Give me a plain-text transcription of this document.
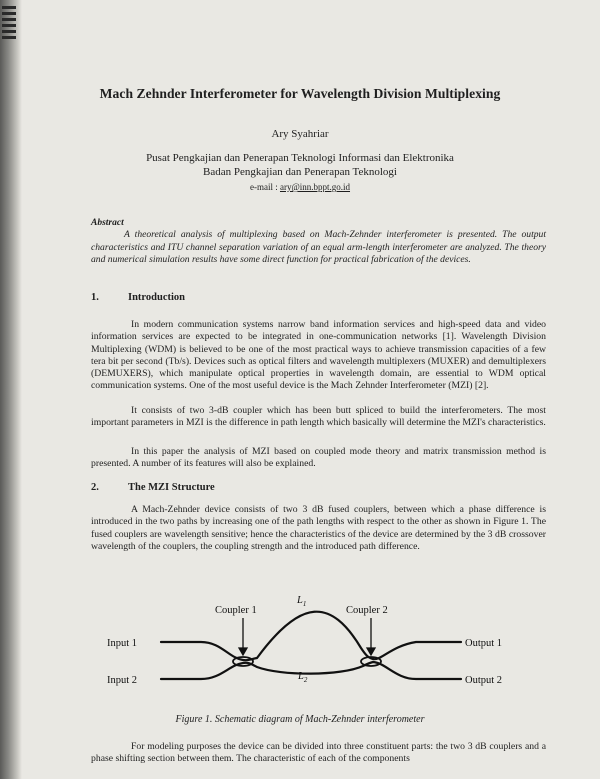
Mach Zehnder Interferometer for Wavelength Division Multiplexing
Ary Syahriar
Pusat Pengkajian dan Penerapan Teknologi Informasi dan Elektronika
Badan Pengkajian dan Penerapan Teknologi
e-mail : ary@inn.bppt.go.id
Abstract
A theoretical analysis of multiplexing based on Mach-Zehnder interferometer is presented. The output characteristics and ITU channel separation variation of an equal arm-length interferometer are analyzed. The theory and numerical simulation results have some direct function for practical fabrication of the devices.
1.	Introduction
In modern communication systems narrow band information services and high-speed data and video information services are expected to be integrated in one-communication networks [1]. Wavelength Division Multiplexing (WDM) is believed to be one of the most practical ways to achieve transmission capacities of a few tera bit per second (Tb/s). Devices such as optical filters and wavelength multiplexers (MUXER) and demultiplexers (DEMUXERS), which manipulate optical properties in wavelength domain, are essential to WDM optical communication systems. One of the most useful device is the Mach Zehnder Interferometer (MZI) [2].
It consists of two 3-dB coupler which has been butt spliced to build the interferometers. The most important parameters in MZI is the difference in path length which basically will determine the MZI's characteristics.
In this paper the analysis of MZI based on coupled mode theory and matrix transmission method is presented. A number of its features will also be explained.
2.	The MZI Structure
A Mach-Zehnder device consists of two 3 dB fused couplers, between which a phase difference is introduced in the two paths by increasing one of the path lengths with respect to the other as shown in Figure 1. The fused couplers are wavelength sensitive; hence the characteristics of the device are determined by the 3 dB crossover wavelength of the couplers, the coupling strength and the introduced path difference.
Coupler 1	Coupler 2
$L_1$
$L_2$
Input 1
Input 2
Output 1
Output 2
Figure 1. Schematic diagram of Mach-Zehnder interferometer
For modeling purposes the device can be divided into three constituent parts: the two 3 dB couplers and a phase shifting section between them. The characteristic of each of the components
